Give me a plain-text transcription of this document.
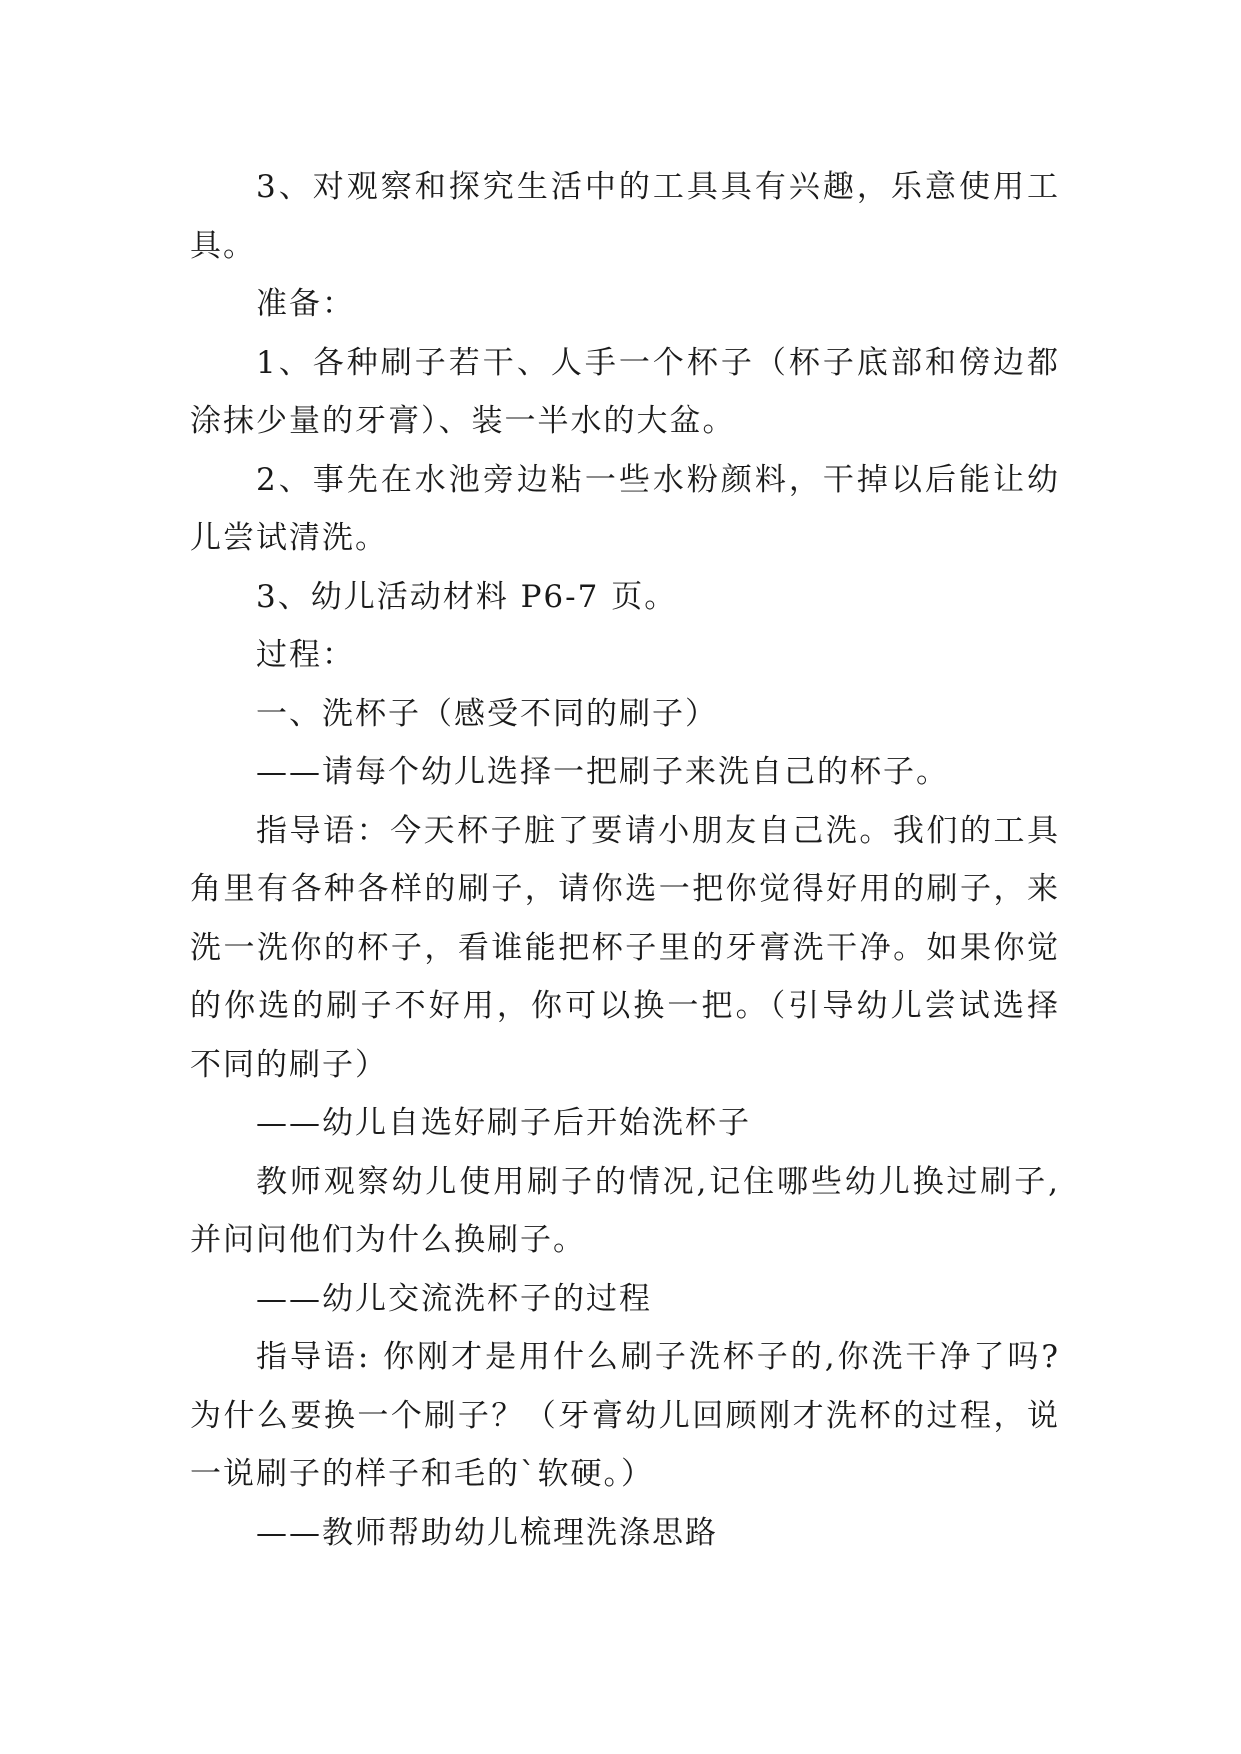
3、对观察和探究生活中的工具具有兴趣，乐意使用工具。

准备：

1、各种刷子若干、人手一个杯子（杯子底部和傍边都涂抹少量的牙膏）、装一半水的大盆。

2、事先在水池旁边粘一些水粉颜料，干掉以后能让幼儿尝试清洗。

3、幼儿活动材料 P6-7 页。

过程：

一、洗杯子（感受不同的刷子）

——请每个幼儿选择一把刷子来洗自己的杯子。

指导语：今天杯子脏了要请小朋友自己洗。我们的工具角里有各种各样的刷子，请你选一把你觉得好用的刷子，来洗一洗你的杯子，看谁能把杯子里的牙膏洗干净。如果你觉的你选的刷子不好用，你可以换一把。（引导幼儿尝试选择不同的刷子）

——幼儿自选好刷子后开始洗杯子

教师观察幼儿使用刷子的情况,记住哪些幼儿换过刷子,并问问他们为什么换刷子。

——幼儿交流洗杯子的过程

指导语: 你刚才是用什么刷子洗杯子的,你洗干净了吗?为什么要换一个刷子？（牙膏幼儿回顾刚才洗杯的过程，说一说刷子的样子和毛的`软硬。）

——教师帮助幼儿梳理洗涤思路
